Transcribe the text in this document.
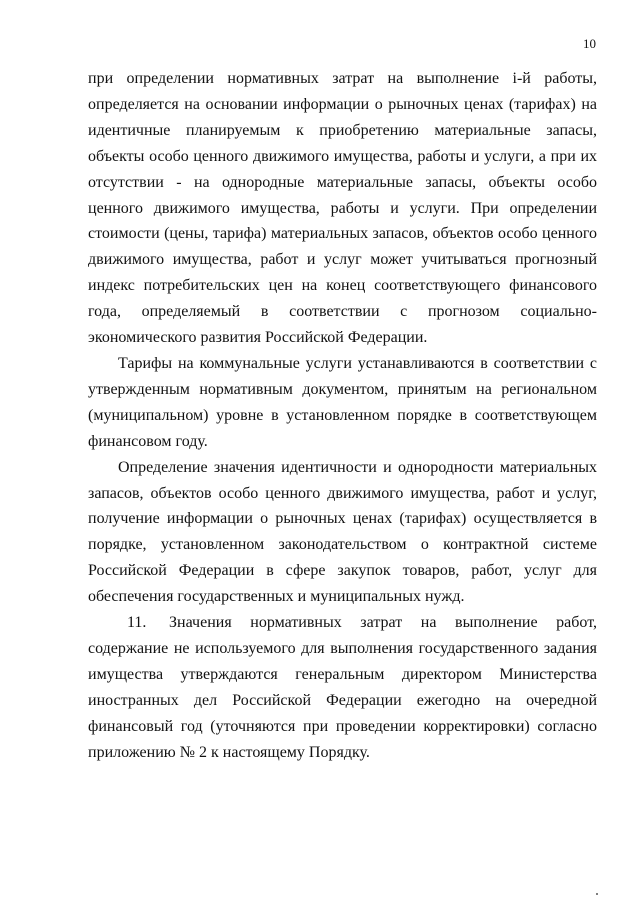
10

при определении нормативных затрат на выполнение i-й работы, определяется на основании информации о рыночных ценах (тарифах) на идентичные планируемым к приобретению материальные запасы, объекты особо ценного движимого имущества, работы и услуги, а при их отсутствии - на однородные материальные запасы, объекты особо ценного движимого имущества, работы и услуги. При определении стоимости (цены, тарифа) материальных запасов, объектов особо ценного движимого имущества, работ и услуг может учитываться прогнозный индекс потребительских цен на конец соответствующего финансового года, определяемый в соответствии с прогнозом социально-экономического развития Российской Федерации.

Тарифы на коммунальные услуги устанавливаются в соответствии с утвержденным нормативным документом, принятым на региональном (муниципальном) уровне в установленном порядке в соответствующем финансовом году.

Определение значения идентичности и однородности материальных запасов, объектов особо ценного движимого имущества, работ и услуг, получение информации о рыночных ценах (тарифах) осуществляется в порядке, установленном законодательством о контрактной системе Российской Федерации в сфере закупок товаров, работ, услуг для обеспечения государственных и муниципальных нужд.

11. Значения нормативных затрат на выполнение работ, содержание не используемого для выполнения государственного задания имущества утверждаются генеральным директором Министерства иностранных дел Российской Федерации ежегодно на очередной финансовый год (уточняются при проведении корректировки) согласно приложению № 2 к настоящему Порядку.
